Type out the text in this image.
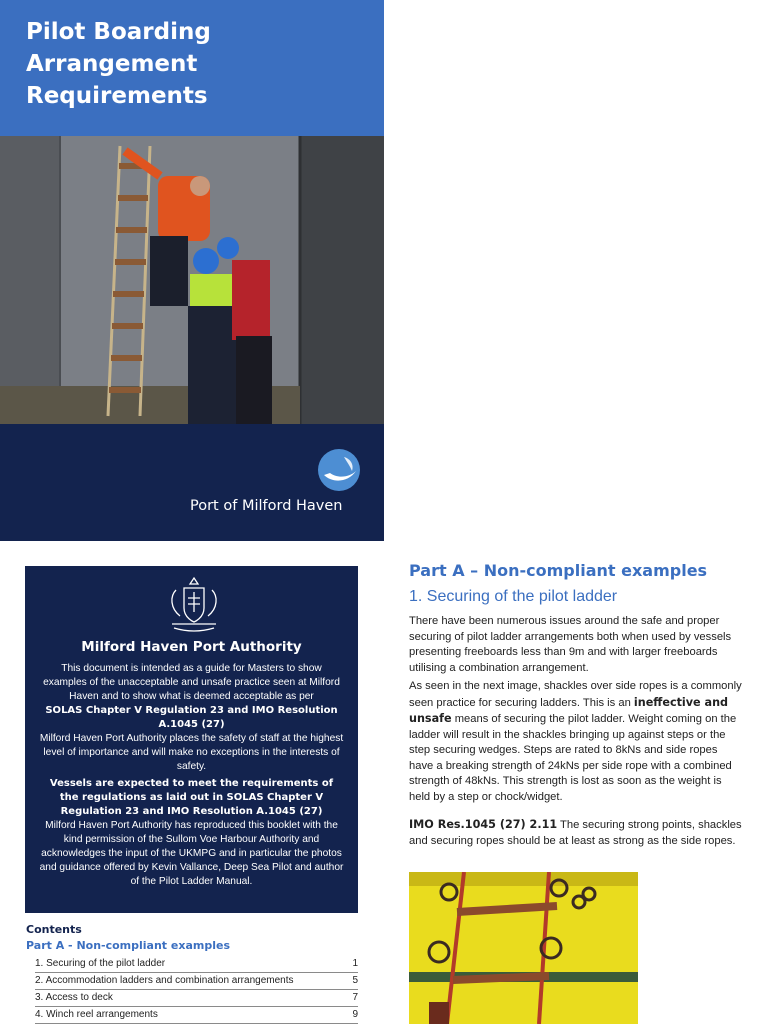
Pilot Boarding
Arrangement
Requirements
Port of Milford Haven
Milford Haven Port Authority

This document is intended as a guide for Masters to show examples of the unacceptable and unsafe practice seen at Milford Haven and to show what is deemed acceptable as per

SOLAS Chapter V Regulation 23 and IMO Resolution A.1045 (27)

Milford Haven Port Authority places the safety of staff at the highest level of importance and will make no exceptions in the interests of safety.

Vessels are expected to meet the requirements of the regulations as laid out in SOLAS Chapter V Regulation 23 and IMO Resolution A.1045 (27)

Milford Haven Port Authority has reproduced this booklet with the kind permission of the Sullom Voe Harbour Authority and acknowledges the input of the UKMPG and in particular the photos and guidance offered by Kevin Vallance, Deep Sea Pilot and author of the Pilot Ladder Manual.

Contents
Part A - Non-compliant examples
1. Securing of the pilot ladder	1
2. Accommodation ladders and combination arrangements	5
3. Access to deck	7
4. Winch reel arrangements	9
Part A – Non-compliant examples
1. Securing of the pilot ladder

There have been numerous issues around the safe and proper securing of pilot ladder arrangements both when used by vessels presenting freeboards less than 9m and with larger freeboards utilising a combination arrangement.

As seen in the next image, shackles over side ropes is a commonly seen practice for securing ladders. This is an ineffective and unsafe means of securing the pilot ladder. Weight coming on the ladder will result in the shackles bringing up against steps or the step securing wedges. Steps are rated to 8kNs and side ropes have a breaking strength of 24kNs per side rope with a combined strength of 48kNs. This strength is lost as soon as the weight is held by a step or chock/widget.

IMO Res.1045 (27) 2.11 The securing strong points, shackles and securing ropes should be at least as strong as the side ropes.
